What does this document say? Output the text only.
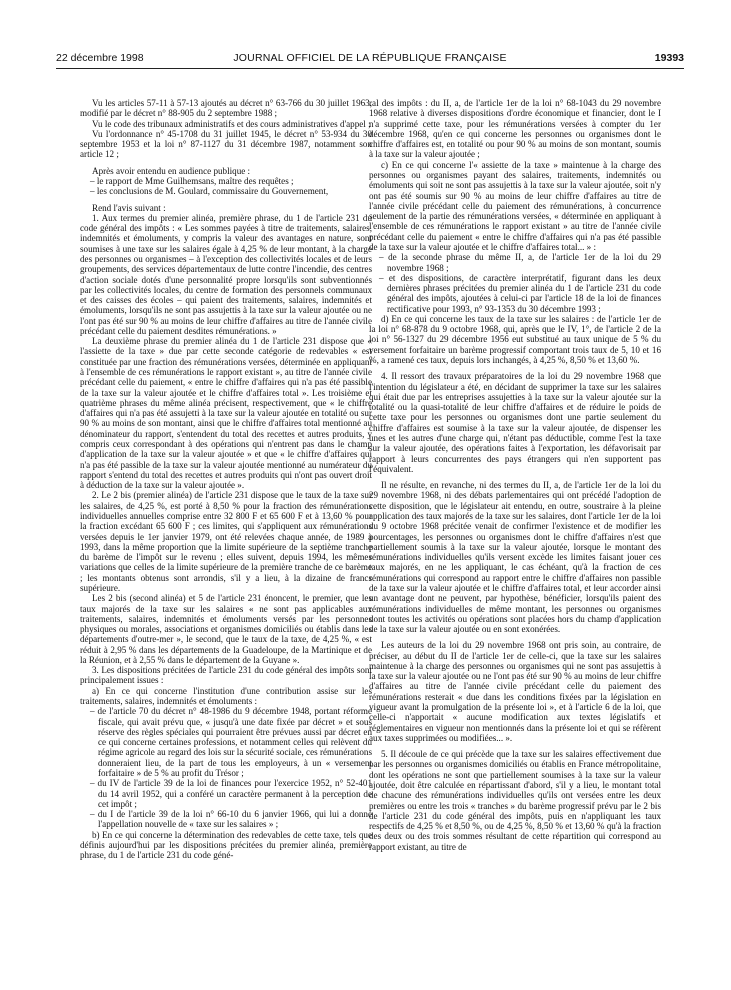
22 décembre 1998	JOURNAL OFFICIEL DE LA RÉPUBLIQUE FRANÇAISE	19393

Vu les articles 57-11 à 57-13 ajoutés au décret n° 63-766 du 30 juillet 1963, modifié par le décret n° 88-905 du 2 septembre 1988 ;

Vu le code des tribunaux administratifs et des cours administratives d'appel ;

Vu l'ordonnance n° 45-1708 du 31 juillet 1945, le décret n° 53-934 du 30 septembre 1953 et la loi n° 87-1127 du 31 décembre 1987, notamment son article 12 ;

Après avoir entendu en audience publique :

– le rapport de Mme Guilhemsans, maître des requêtes ;

– les conclusions de M. Goulard, commissaire du Gouvernement,

Rend l'avis suivant :

1. Aux termes du premier alinéa, première phrase, du 1 de l'article 231 du code général des impôts : « Les sommes payées à titre de traitements, salaires, indemnités et émoluments, y compris la valeur des avantages en nature, sont soumises à une taxe sur les salaires égale à 4,25 % de leur montant, à la charge des personnes ou organismes – à l'exception des collectivités locales et de leurs groupements, des services départementaux de lutte contre l'incendie, des centres d'action sociale dotés d'une personnalité propre lorsqu'ils sont subventionnés par les collectivités locales, du centre de formation des personnels communaux et des caisses des écoles – qui paient des traitements, salaires, indemnités et émoluments, lorsqu'ils ne sont pas assujettis à la taxe sur la valeur ajoutée ou ne l'ont pas été sur 90 % au moins de leur chiffre d'affaires au titre de l'année civile précédant celle du paiement desdites rémunérations. »

La deuxième phrase du premier alinéa du 1 de l'article 231 dispose que « l'assiette de la taxe » due par cette seconde catégorie de redevables « est constituée par une fraction des rémunérations versées, déterminée en appliquant à l'ensemble de ces rémunérations le rapport existant », au titre de l'année civile précédant celle du paiement, « entre le chiffre d'affaires qui n'a pas été passible de la taxe sur la valeur ajoutée et le chiffre d'affaires total ». Les troisième et quatrième phrases du même alinéa précisent, respectivement, que « le chiffre d'affaires qui n'a pas été assujetti à la taxe sur la valeur ajoutée en totalité ou sur 90 % au moins de son montant, ainsi que le chiffre d'affaires total mentionné au dénominateur du rapport, s'entendent du total des recettes et autres produits, y compris ceux correspondant à des opérations qui n'entrent pas dans le champ d'application de la taxe sur la valeur ajoutée » et que « le chiffre d'affaires qui n'a pas été passible de la taxe sur la valeur ajoutée mentionné au numérateur du rapport s'entend du total des recettes et autres produits qui n'ont pas ouvert droit à déduction de la taxe sur la valeur ajoutée ».

2. Le 2 bis (premier alinéa) de l'article 231 dispose que le taux de la taxe sur les salaires, de 4,25 %, est porté à 8,50 % pour la fraction des rémunérations individuelles annuelles comprise entre 32 800 F et 65 600 F et à 13,60 % pour la fraction excédant 65 600 F ; ces limites, qui s'appliquent aux rémunérations versées depuis le 1er janvier 1979, ont été relevées chaque année, de 1989 à 1993, dans la même proportion que la limite supérieure de la septième tranche du barème de l'impôt sur le revenu ; elles suivent, depuis 1994, les mêmes variations que celles de la limite supérieure de la première tranche de ce barème ; les montants obtenus sont arrondis, s'il y a lieu, à la dizaine de francs supérieure.

Les 2 bis (second alinéa) et 5 de l'article 231 énoncent, le premier, que les taux majorés de la taxe sur les salaires « ne sont pas applicables aux traitements, salaires, indemnités et émoluments versés par les personnes physiques ou morales, associations et organismes domiciliés ou établis dans les départements d'outre-mer », le second, que le taux de la taxe, de 4,25 %, « est réduit à 2,95 % dans les départements de la Guadeloupe, de la Martinique et de la Réunion, et à 2,55 % dans le département de la Guyane ».

3. Les dispositions précitées de l'article 231 du code général des impôts sont principalement issues :

a) En ce qui concerne l'institution d'une contribution assise sur les traitements, salaires, indemnités et émoluments :

– de l'article 70 du décret n° 48-1986 du 9 décembre 1948, portant réforme fiscale, qui avait prévu que, « jusqu'à une date fixée par décret » et sous réserve des règles spéciales qui pourraient être prévues aussi par décret en ce qui concerne certaines professions, et notamment celles qui relèvent du régime agricole au regard des lois sur la sécurité sociale, ces rémunérations donneraient lieu, de la part de tous les employeurs, à un « versement forfaitaire » de 5 % au profit du Trésor ;

– du IV de l'article 39 de la loi de finances pour l'exercice 1952, n° 52-401 du 14 avril 1952, qui a conféré un caractère permanent à la perception de cet impôt ;

– du I de l'article 39 de la loi n° 66-10 du 6 janvier 1966, qui lui a donné l'appellation nouvelle de « taxe sur les salaires » ;

b) En ce qui concerne la détermination des redevables de cette taxe, tels que définis aujourd'hui par les dispositions précitées du premier alinéa, première phrase, du 1 de l'article 231 du code géné-

ral des impôts : du II, a, de l'article 1er de la loi n° 68-1043 du 29 novembre 1968 relative à diverses dispositions d'ordre économique et financier, dont le I n'a supprimé cette taxe, pour les rémunérations versées à compter du 1er décembre 1968, qu'en ce qui concerne les personnes ou organismes dont le chiffre d'affaires est, en totalité ou pour 90 % au moins de son montant, soumis à la taxe sur la valeur ajoutée ;

c) En ce qui concerne l'« assiette de la taxe » maintenue à la charge des personnes ou organismes payant des salaires, traitements, indemnités ou émoluments qui soit ne sont pas assujettis à la taxe sur la valeur ajoutée, soit n'y ont pas été soumis sur 90 % au moins de leur chiffre d'affaires au titre de l'année civile précédant celle du paiement des rémunérations, à concurrence seulement de la partie des rémunérations versées, « déterminée en appliquant à l'ensemble de ces rémunérations le rapport existant » au titre de l'année civile précédant celle du paiement « entre le chiffre d'affaires qui n'a pas été passible de la taxe sur la valeur ajoutée et le chiffre d'affaires total... » :

– de la seconde phrase du même II, a, de l'article 1er de la loi du 29 novembre 1968 ;

– et des dispositions, de caractère interprétatif, figurant dans les deux dernières phrases précitées du premier alinéa du 1 de l'article 231 du code général des impôts, ajoutées à celui-ci par l'article 18 de la loi de finances rectificative pour 1993, n° 93-1353 du 30 décembre 1993 ;

d) En ce qui concerne les taux de la taxe sur les salaires : de l'article 1er de la loi n° 68-878 du 9 octobre 1968, qui, après que le IV, 1°, de l'article 2 de la loi n° 56-1327 du 29 décembre 1956 eut substitué au taux unique de 5 % du versement forfaitaire un barème progressif comportant trois taux de 5, 10 et 16 %, a ramené ces taux, depuis lors inchangés, à 4,25 %, 8,50 % et 13,60 %.

4. Il ressort des travaux préparatoires de la loi du 29 novembre 1968 que l'intention du législateur a été, en décidant de supprimer la taxe sur les salaires qui était due par les entreprises assujetties à la taxe sur la valeur ajoutée sur la totalité ou la quasi-totalité de leur chiffre d'affaires et de réduire le poids de cette taxe pour les personnes ou organismes dont une partie seulement du chiffre d'affaires est soumise à la taxe sur la valeur ajoutée, de dispenser les unes et les autres d'une charge qui, n'étant pas déductible, comme l'est la taxe sur la valeur ajoutée, des opérations faites à l'exportation, les défavorisait par rapport à leurs concurrentes des pays étrangers qui n'en supportent pas l'équivalent.

Il ne résulte, en revanche, ni des termes du II, a, de l'article 1er de la loi du 29 novembre 1968, ni des débats parlementaires qui ont précédé l'adoption de cette disposition, que le législateur ait entendu, en outre, soustraire à la pleine application des taux majorés de la taxe sur les salaires, dont l'article 1er de la loi du 9 octobre 1968 précitée venait de confirmer l'existence et de modifier les pourcentages, les personnes ou organismes dont le chiffre d'affaires n'est que partiellement soumis à la taxe sur la valeur ajoutée, lorsque le montant des rémunérations individuelles qu'ils versent excède les limites faisant jouer ces taux majorés, en ne les appliquant, le cas échéant, qu'à la fraction de ces rémunérations qui correspond au rapport entre le chiffre d'affaires non passible de la taxe sur la valeur ajoutée et le chiffre d'affaires total, et leur accorder ainsi un avantage dont ne peuvent, par hypothèse, bénéficier, lorsqu'ils paient des rémunérations individuelles de même montant, les personnes ou organismes dont toutes les activités ou opérations sont placées hors du champ d'application de la taxe sur la valeur ajoutée ou en sont exonérées.

Les auteurs de la loi du 29 novembre 1968 ont pris soin, au contraire, de préciser, au début du II de l'article 1er de celle-ci, que la taxe sur les salaires maintenue à la charge des personnes ou organismes qui ne sont pas assujettis à la taxe sur la valeur ajoutée ou ne l'ont pas été sur 90 % au moins de leur chiffre d'affaires au titre de l'année civile précédant celle du paiement des rémunérations resterait « due dans les conditions fixées par la législation en vigueur avant la promulgation de la présente loi », et à l'article 6 de la loi, que celle-ci n'apportait « aucune modification aux textes législatifs et réglementaires en vigueur non mentionnés dans la présente loi et qui se réfèrent aux taxes supprimées ou modifiées... ».

5. Il découle de ce qui précède que la taxe sur les salaires effectivement due par les personnes ou organismes domiciliés ou établis en France métropolitaine, dont les opérations ne sont que partiellement soumises à la taxe sur la valeur ajoutée, doit être calculée en répartissant d'abord, s'il y a lieu, le montant total de chacune des rémunérations individuelles qu'ils ont versées entre les deux premières ou entre les trois « tranches » du barème progressif prévu par le 2 bis de l'article 231 du code général des impôts, puis en n'appliquant les taux respectifs de 4,25 % et 8,50 %, ou de 4,25 %, 8,50 % et 13,60 % qu'à la fraction des deux ou des trois sommes résultant de cette répartition qui correspond au rapport existant, au titre de
